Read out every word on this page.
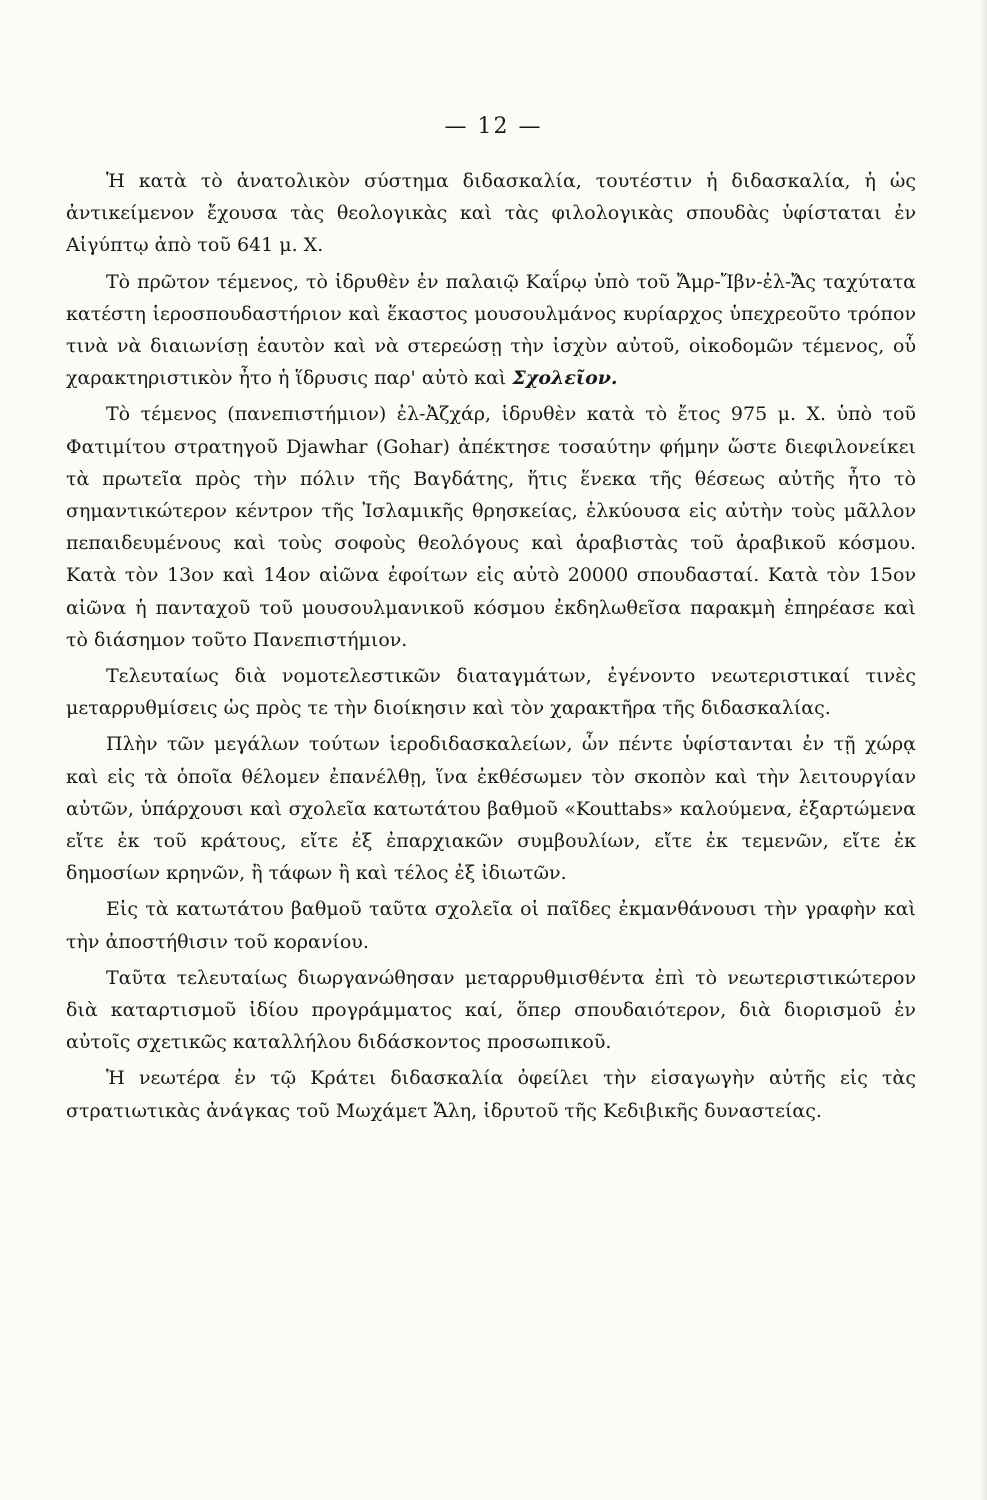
— 12 —

Ἡ κατὰ τὸ ἀνατολικὸν σύστημα διδασκαλία, τουτέστιν ἡ διδασκαλία, ἡ ὡς ἀντικείμενον ἔχουσα τὰς θεολογικὰς καὶ τὰς φιλολογικὰς σπουδὰς ὑφίσταται ἐν Αἰγύπτῳ ἀπὸ τοῦ 641 μ. Χ.

Τὸ πρῶτον τέμενος, τὸ ἱδρυθὲν ἐν παλαιῷ Καΐρῳ ὑπὸ τοῦ Ἄμρ-Ἴβν-ἐλ-Ἄς ταχύτατα κατέστη ἱεροσπουδαστήριον καὶ ἕκαστος μουσουλμάνος κυρίαρχος ὑπεχρεοῦτο τρόπον τινὰ νὰ διαιωνίσῃ ἑαυτὸν καὶ νὰ στερεώσῃ τὴν ἰσχὺν αὐτοῦ, οἰκοδομῶν τέμενος, οὗ χαρακτηριστικὸν ἦτο ἡ ἵδρυσις παρ' αὐτὸ καὶ Σχολεῖον.

Τὸ τέμενος (πανεπιστήμιον) ἐλ-Ἀζχάρ, ἱδρυθὲν κατὰ τὸ ἔτος 975 μ. Χ. ὑπὸ τοῦ Φατιμίτου στρατηγοῦ Djawhar (Gohar) ἀπέκτησε τοσαύτην φήμην ὥστε διεφιλονείκει τὰ πρωτεῖα πρὸς τὴν πόλιν τῆς Βαγδάτης, ἥτις ἕνεκα τῆς θέσεως αὐτῆς ἦτο τὸ σημαντικώτερον κέντρον τῆς Ἰσλαμικῆς θρησκείας, ἑλκύουσα εἰς αὐτὴν τοὺς μᾶλλον πεπαιδευμένους καὶ τοὺς σοφοὺς θεολόγους καὶ ἀραβιστὰς τοῦ ἀραβικοῦ κόσμου. Κατὰ τὸν 13ον καὶ 14ον αἰῶνα ἐφοίτων εἰς αὐτὸ 20000 σπουδασταί. Κατὰ τὸν 15ον αἰῶνα ἡ πανταχοῦ τοῦ μουσουλμανικοῦ κόσμου ἐκδηλωθεῖσα παρακμὴ ἐπηρέασε καὶ τὸ διάσημον τοῦτο Πανεπιστήμιον.

Τελευταίως διὰ νομοτελεστικῶν διαταγμάτων, ἐγένοντο νεωτεριστικαί τινὲς μεταρρυθμίσεις ὡς πρὸς τε τὴν διοίκησιν καὶ τὸν χαρακτῆρα τῆς διδασκαλίας.

Πλὴν τῶν μεγάλων τούτων ἱεροδιδασκαλείων, ὧν πέντε ὑφίστανται ἐν τῇ χώρᾳ καὶ εἰς τὰ ὁποῖα θέλομεν ἐπανέλθῃ, ἵνα ἐκθέσωμεν τὸν σκοπὸν καὶ τὴν λειτουργίαν αὐτῶν, ὑπάρχουσι καὶ σχολεῖα κατωτάτου βαθμοῦ «Kouttabs» καλούμενα, ἐξαρτώμενα εἴτε ἐκ τοῦ κράτους, εἴτε ἐξ ἐπαρχιακῶν συμβουλίων, εἴτε ἐκ τεμενῶν, εἴτε ἐκ δημοσίων κρηνῶν, ἢ τάφων ἢ καὶ τέλος ἐξ ἰδιωτῶν.

Εἰς τὰ κατωτάτου βαθμοῦ ταῦτα σχολεῖα οἱ παῖδες ἐκμανθάνουσι τὴν γραφὴν καὶ τὴν ἀποστήθισιν τοῦ κορανίου.

Ταῦτα τελευταίως διωργανώθησαν μεταρρυθμισθέντα ἐπὶ τὸ νεωτεριστικώτερον διὰ καταρτισμοῦ ἰδίου προγράμματος καί, ὅπερ σπουδαιότερον, διὰ διορισμοῦ ἐν αὐτοῖς σχετικῶς καταλλήλου διδάσκοντος προσωπικοῦ.

Ἡ νεωτέρα ἐν τῷ Κράτει διδασκαλία ὀφείλει τὴν εἰσαγωγὴν αὐτῆς εἰς τὰς στρατιωτικὰς ἀνάγκας τοῦ Μωχάμετ Ἄλη, ἱδρυτοῦ τῆς Κεδιβικῆς δυναστείας.
